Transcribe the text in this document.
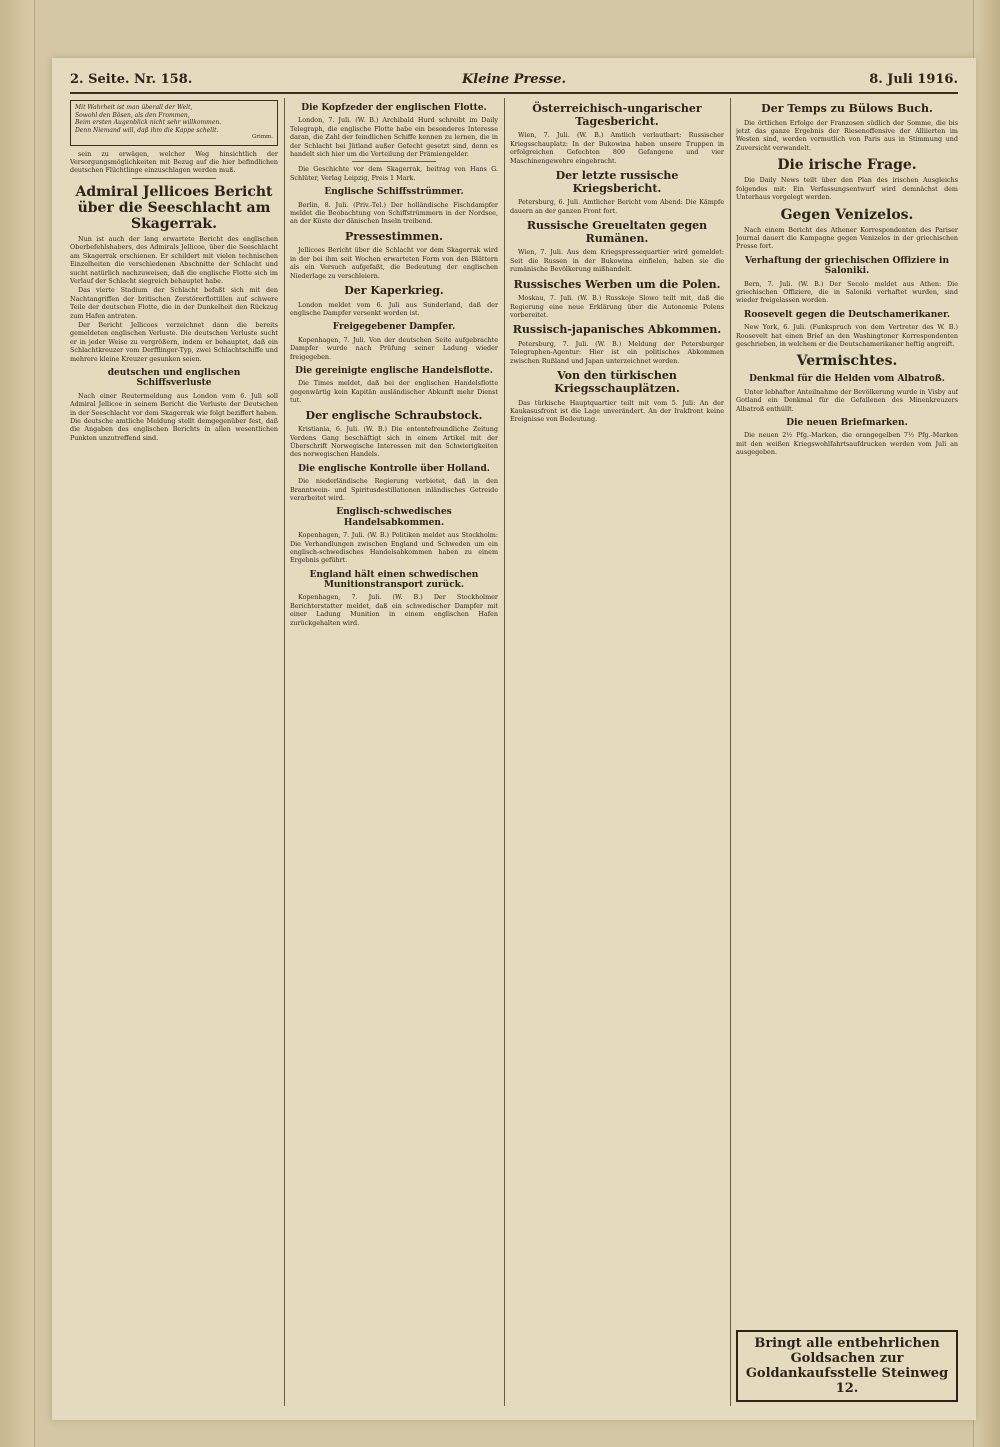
2. Seite. Nr. 158.	Kleine Presse.	8. Juli 1916.
Mit Wahrheit ist man überall der Welt,
Sowohl den Bösen, als den Frommen,
Beim ersten Augenblick nicht sehr willkommen.
Denn Niemand will, daß ihm die Kappe schellt.
Grimm.

sein zu erwägen, welcher Weg hinsichtlich der Versorgungsmöglichkeiten mit Bezug auf die hier befindlichen deutschen Flüchtlinge einzuschlagen werden muß.

Admiral Jellicoes Bericht über die Seeschlacht am Skagerrak.

Nun ist auch der lang erwartete Bericht des englischen Oberbefehlshabers, des Admirals Jellicoe, über die Seeschlacht am Skagerrak erschienen. Er schildert mit vielen technischen Einzelheiten die verschiedenen Abschnitte der Schlacht und sucht natürlich nachzuweisen, daß die englische Flotte sich im Verlauf der Schlacht siegreich behauptet habe.

Das vierte Stadium der Schlacht befaßt sich mit den Nachtangriffen der britischen Zerstörerflottillen auf schwere Teile der deutschen Flotte, die in der Dunkelheit den Rückzug zum Hafen antraten.

Der Bericht Jellicoes verzeichnet dann die bereits gemeldeten englischen Verluste. Die deutschen Verluste sucht er in jeder Weise zu vergrößern, indem er behauptet, daß ein Schlachtkreuzer vom Derfflinger-Typ, zwei Schlachtschiffe und mehrere kleine Kreuzer gesunken seien.

deutschen und englischen Schiffsverluste

Nach einer Reutermeldung aus London vom 6. Juli soll Admiral Jellicoe in seinem Bericht die Verluste der Deutschen in der Seeschlacht vor dem Skagerrak wie folgt beziffert haben. Die deutsche amtliche Meldung stellt demgegenüber fest, daß die Angaben des englischen Berichts in allen wesentlichen Punkten unzutreffend sind.

Die Kopfzeder der englischen Flotte.

London, 7. Juli. (W. B.) Archibald Hurd schreibt im Daily Telegraph, die englische Flotte habe ein besonderes Interesse daran, die Zahl der feindlichen Schiffe kennen zu lernen, die in der Schlacht bei Jütland außer Gefecht gesetzt sind, denn es handelt sich hier um die Verteilung der Prämiengelder.

Die Geschichte vor dem Skagerrak, beitrag von Hans G. Schlüter, Verlag Leipzig, Preis 1 Mark.

Englische Schiffsstrümmer.

Berlin, 8. Juli. (Priv.-Tel.) Der holländische Fischdampfer meldet die Beobachtung von Schiffstrümmern in der Nordsee, an der Küste der dänischen Inseln treibend.

Pressestimmen.

Jellicoes Bericht über die Schlacht vor dem Skagerrak wird in der bei ihm seit Wochen erwarteten Form von den Blättern als ein Versuch aufgefaßt, die Bedeutung der englischen Niederlage zu verschleiern.

Der Kaperkrieg.

London meldet vom 6. Juli aus Sunderland, daß der englische Dampfer versenkt worden ist.

Freigegebener Dampfer.

Kopenhagen, 7. Juli. Von der deutschen Seite aufgebrachte Dampfer wurde nach Prüfung seiner Ladung wieder freigegeben.

Die gereinigte englische Handelsflotte.

Die Times meldet, daß bei der englischen Handelsflotte gegenwärtig kein Kapitän ausländischer Abkunft mehr Dienst tut.

Der englische Schraubstock.

Kristiania, 6. Juli. (W. B.) Die ententefreundliche Zeitung Verdens Gang beschäftigt sich in einem Artikel mit der Überschrift Norwegische Interessen mit den Schwierigkeiten des norwegischen Handels.

Die englische Kontrolle über Holland.

Die niederländische Regierung verbietet, daß in den Branntwein- und Spiritusdestillationen inländisches Getreide verarbeitet wird.

Englisch-schwedisches Handelsabkommen.

Kopenhagen, 7. Juli. (W. B.) Politiken meldet aus Stockholm: Die Verhandlungen zwischen England und Schweden um ein englisch-schwedisches Handelsabkommen haben zu einem Ergebnis geführt.

England hält einen schwedischen Munitionstransport zurück.

Kopenhagen, 7. Juli. (W. B.) Der Stockholmer Berichterstatter meldet, daß ein schwedischer Dampfer mit einer Ladung Munition in einem englischen Hafen zurückgehalten wird.

Österreichisch-ungarischer Tagesbericht.

Wien, 7. Juli. (W. B.) Amtlich verlautbart: Russischer Kriegsschauplatz: In der Bukowina haben unsere Truppen in erfolgreichen Gefechten 800 Gefangene und vier Maschinengewehre eingebracht.

Der letzte russische Kriegsbericht.

Petersburg, 6. Juli. Amtlicher Bericht vom Abend: Die Kämpfe dauern an der ganzen Front fort.

Russische Greueltaten gegen Rumänen.

Wien, 7. Juli. Aus dem Kriegspressequartier wird gemeldet: Seit die Russen in der Bukowina einfielen, haben sie die rumänische Bevölkerung mißhandelt.

Russisches Werben um die Polen.

Moskau, 7. Juli. (W. B.) Russkoje Slowo teilt mit, daß die Regierung eine neue Erklärung über die Autonomie Polens vorbereitet.

Russisch-japanisches Abkommen.

Petersburg, 7. Juli. (W. B.) Meldung der Petersburger Telegraphen-Agentur: Hier ist ein politisches Abkommen zwischen Rußland und Japan unterzeichnet worden.

Von den türkischen Kriegsschauplätzen.

Das türkische Hauptquartier teilt mit vom 5. Juli: An der Kaukasusfront ist die Lage unverändert. An der Irakfront keine Ereignisse von Bedeutung.

Der Temps zu Bülows Buch.

Die örtlichen Erfolge der Franzosen südlich der Somme, die bis jetzt das ganze Ergebnis der Riesenoffensive der Alliierten im Westen sind, werden vermutlich von Paris aus in Stimmung und Zuversicht verwandelt.

Die irische Frage.

Die Daily News teilt über den Plan des irischen Ausgleichs folgendes mit: Ein Verfassungsentwurf wird demnächst dem Unterhaus vorgelegt werden.

Gegen Venizelos.

Nach einem Bericht des Athener Korrespondenten des Pariser Journal dauert die Kampagne gegen Venizelos in der griechischen Presse fort.

Verhaftung der griechischen Offiziere in Saloniki.

Bern, 7. Juli. (W. B.) Der Secolo meldet aus Athen: Die griechischen Offiziere, die in Saloniki verhaftet wurden, sind wieder freigelassen worden.

Roosevelt gegen die Deutschamerikaner.

New York, 6. Juli. (Funkspruch von dem Vertreter des W. B.) Roosevelt hat einen Brief an den Washingtoner Korrespondenten geschrieben, in welchem er die Deutschamerikaner heftig angreift.

Vermischtes.
Denkmal für die Helden vom Albatroß.

Unter lebhafter Anteilnahme der Bevölkerung wurde in Visby auf Gotland ein Denkmal für die Gefallenen des Minenkreuzers Albatroß enthüllt.

Die neuen Briefmarken.

Die neuen 2½ Pfg.-Marken, die orangegelben 7½ Pfg.-Marken mit den weißen Kriegswohlfahrtsaufdrucken werden vom Juli an ausgegeben.

Bringt alle entbehrlichen Goldsachen zur Goldankaufsstelle Steinweg 12.
